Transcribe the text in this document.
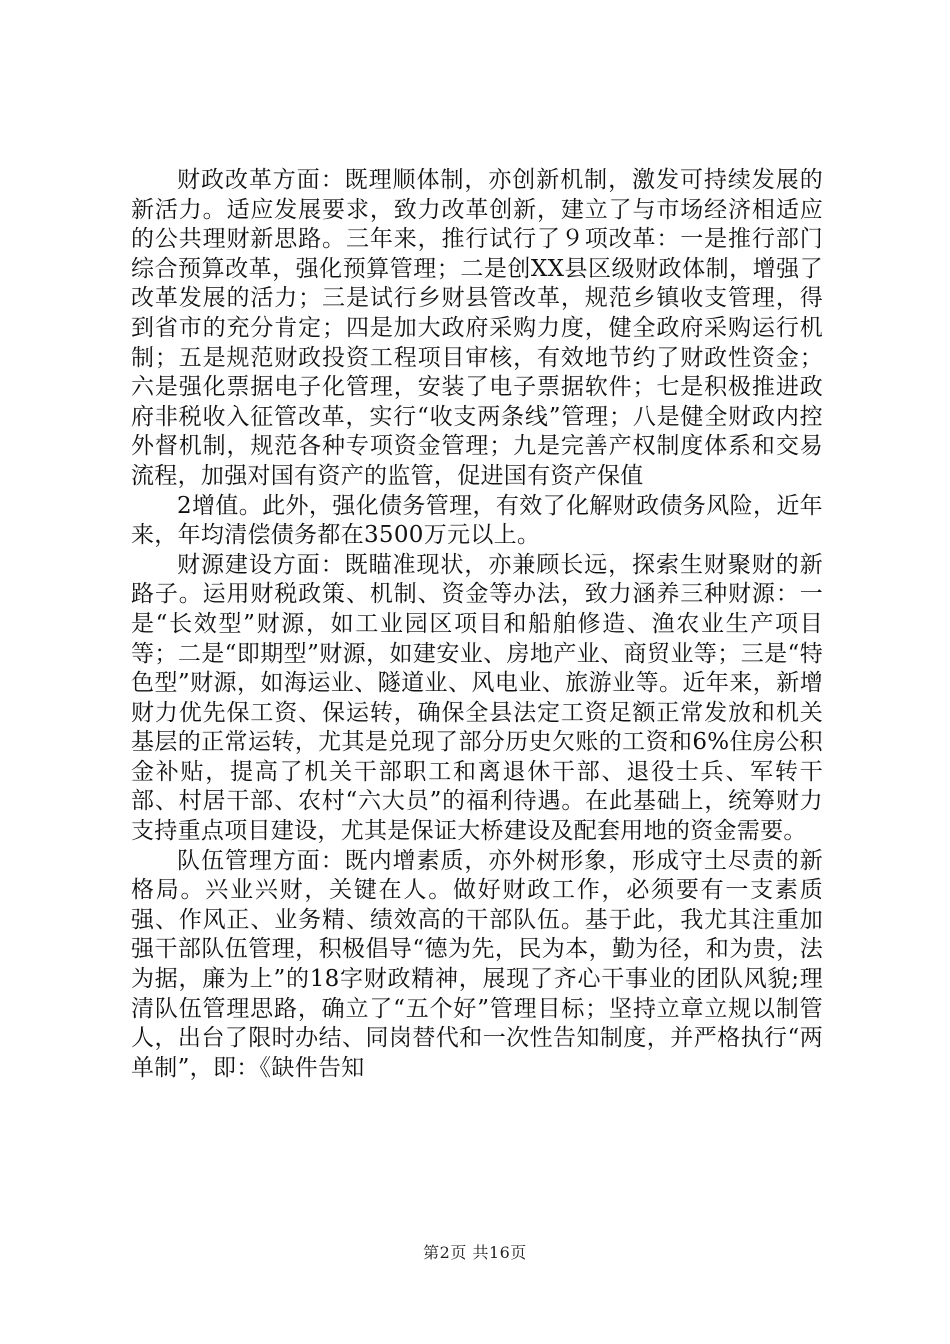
财政改革方面：既理顺体制，亦创新机制，激发可持续发展的新活力。适应发展要求，致力改革创新，建立了与市场经济相适应的公共理财新思路。三年来，推行试行了９项改革：一是推行部门综合预算改革，强化预算管理；二是创XX县区级财政体制，增强了改革发展的活力；三是试行乡财县管改革，规范乡镇收支管理，得到省市的充分肯定；四是加大政府采购力度，健全政府采购运行机制；五是规范财政投资工程项目审核，有效地节约了财政性资金；六是强化票据电子化管理，安装了电子票据软件；七是积极推进政府非税收入征管改革，实行“收支两条线”管理；八是健全财政内控外督机制，规范各种专项资金管理；九是完善产权制度体系和交易流程，加强对国有资产的监管，促进国有资产保值

2增值。此外，强化债务管理，有效了化解财政债务风险，近年来，年均清偿债务都在3500万元以上。

财源建设方面：既瞄准现状，亦兼顾长远，探索生财聚财的新路子。运用财税政策、机制、资金等办法，致力涵养三种财源：一是“长效型”财源，如工业园区项目和船舶修造、渔农业生产项目等；二是“即期型”财源，如建安业、房地产业、商贸业等；三是“特色型”财源，如海运业、隧道业、风电业、旅游业等。近年来，新增财力优先保工资、保运转，确保全县法定工资足额正常发放和机关基层的正常运转，尤其是兑现了部分历史欠账的工资和6%住房公积金补贴，提高了机关干部职工和离退休干部、退役士兵、军转干部、村居干部、农村“六大员”的福利待遇。在此基础上，统筹财力支持重点项目建设，尤其是保证大桥建设及配套用地的资金需要。

队伍管理方面：既内增素质，亦外树形象，形成守土尽责的新格局。兴业兴财，关键在人。做好财政工作，必须要有一支素质强、作风正、业务精、绩效高的干部队伍。基于此，我尤其注重加强干部队伍管理，积极倡导“德为先，民为本，勤为径，和为贵，法为据，廉为上”的18字财政精神，展现了齐心干事业的团队风貌;理清队伍管理思路，确立了“五个好”管理目标；坚持立章立规以制管人，出台了限时办结、同岗替代和一次性告知制度，并严格执行“两单制”，即：《缺件告知

第2页 共16页
